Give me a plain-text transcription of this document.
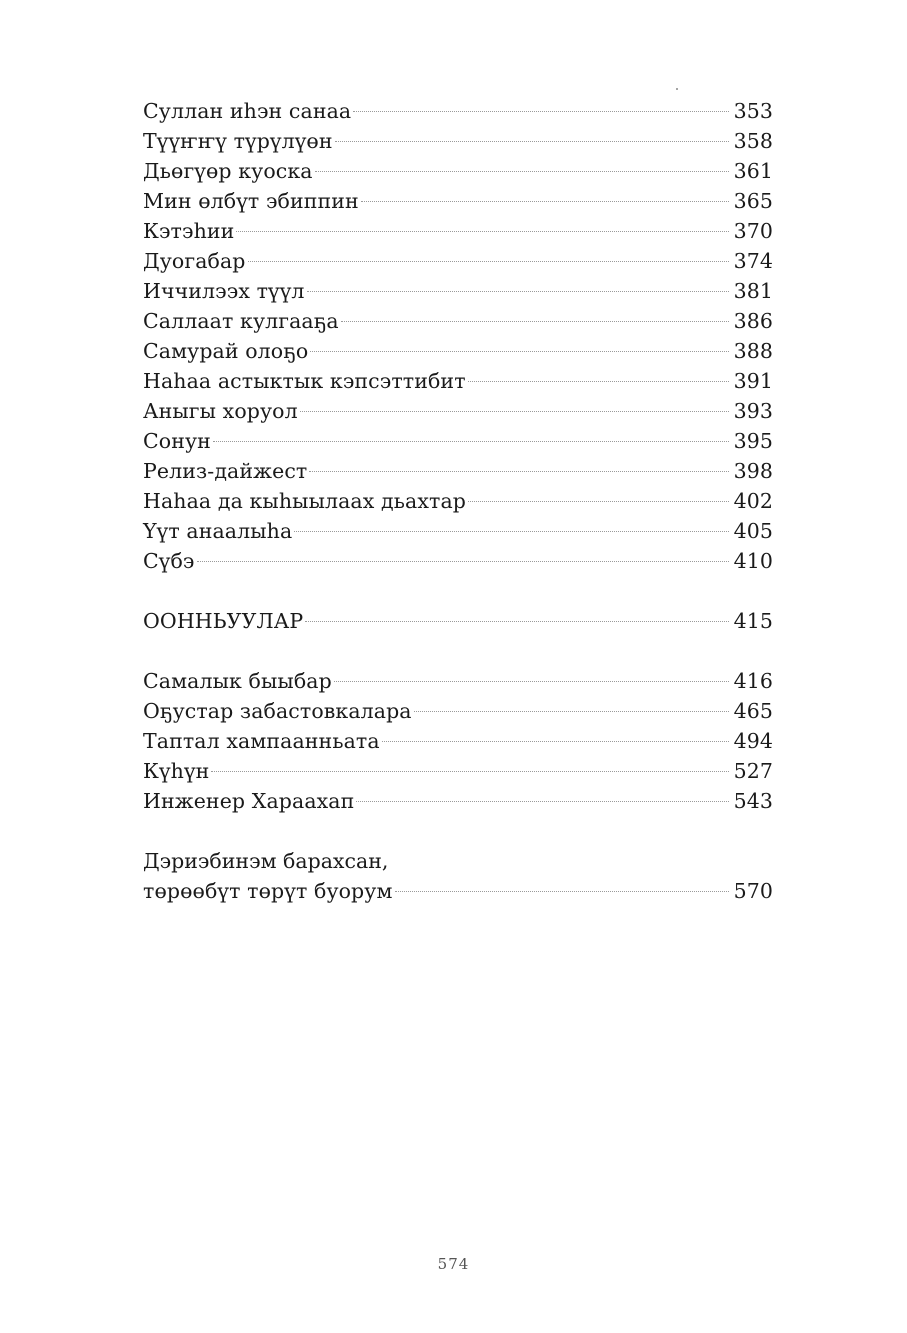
Суллан иhэн санаа	353
Түүҥҥү түрүлүөн	358
Дьөгүөр куоска	361
Мин өлбүт эбиппин	365
Кэтэhии	370
Дуогабар	374
Иччилээх түүл	381
Саллаат кулгааҕа	386
Самурай олоҕо	388
Наhаа астыктык кэпсэттибит	391
Аныгы хоруол	393
Сонун	395
Релиз-дайжест	398
Наhаа да кыhыылаах дьахтар	402
Үүт анаалыhа	405
Сүбэ	410
ООННЬУУЛАР	415
Самалык быыбар	416
Оҕустар забастовкалара	465
Таптал хампаанньата	494
Күhүн	527
Инженер Хараахап	543
Дэриэбинэм барахсан,
төрөөбүт төрүт буорум	570
574
